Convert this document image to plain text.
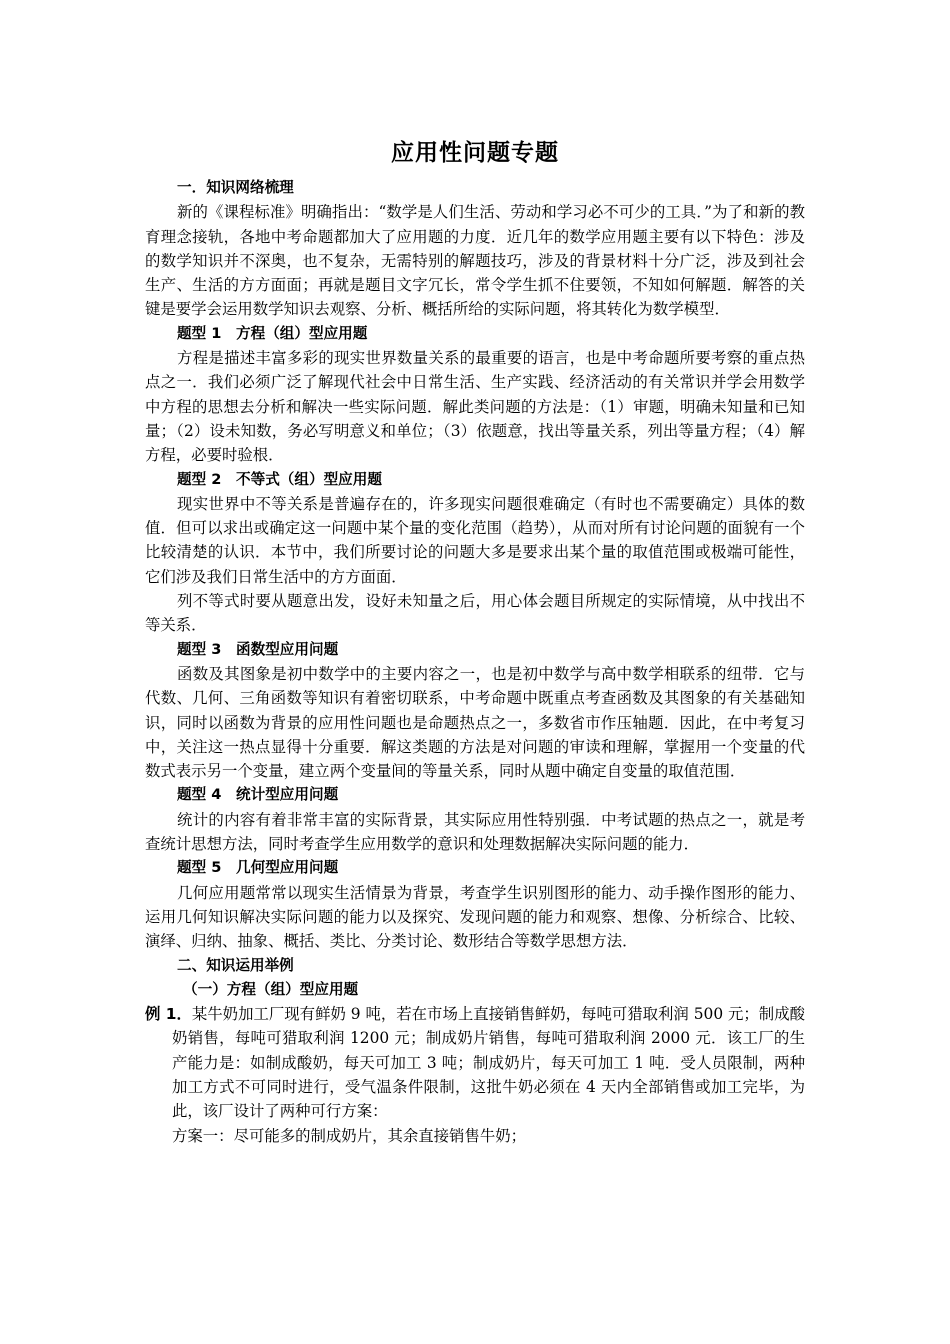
应用性问题专题

一．知识网络梳理

新的《课程标准》明确指出：“数学是人们生活、劳动和学习必不可少的工具．”为了和新的教育理念接轨，各地中考命题都加大了应用题的力度．近几年的数学应用题主要有以下特色：涉及的数学知识并不深奥，也不复杂，无需特别的解题技巧，涉及的背景材料十分广泛，涉及到社会生产、生活的方方面面；再就是题目文字冗长，常令学生抓不住要领，不知如何解题．解答的关键是要学会运用数学知识去观察、分析、概括所给的实际问题，将其转化为数学模型．

题型 1　方程（组）型应用题

方程是描述丰富多彩的现实世界数量关系的最重要的语言，也是中考命题所要考察的重点热点之一．我们必须广泛了解现代社会中日常生活、生产实践、经济活动的有关常识并学会用数学中方程的思想去分析和解决一些实际问题．解此类问题的方法是：（1）审题，明确未知量和已知量；（2）设未知数，务必写明意义和单位；（3）依题意，找出等量关系，列出等量方程；（4）解方程，必要时验根．

题型 2　不等式（组）型应用题

现实世界中不等关系是普遍存在的，许多现实问题很难确定（有时也不需要确定）具体的数值．但可以求出或确定这一问题中某个量的变化范围（趋势），从而对所有讨论问题的面貌有一个比较清楚的认识．本节中，我们所要讨论的问题大多是要求出某个量的取值范围或极端可能性，它们涉及我们日常生活中的方方面面．

列不等式时要从题意出发，设好未知量之后，用心体会题目所规定的实际情境，从中找出不等关系．

题型 3　函数型应用问题

函数及其图象是初中数学中的主要内容之一，也是初中数学与高中数学相联系的纽带．它与代数、几何、三角函数等知识有着密切联系，中考命题中既重点考查函数及其图象的有关基础知识，同时以函数为背景的应用性问题也是命题热点之一，多数省市作压轴题．因此，在中考复习中，关注这一热点显得十分重要．解这类题的方法是对问题的审读和理解，掌握用一个变量的代数式表示另一个变量，建立两个变量间的等量关系，同时从题中确定自变量的取值范围．

题型 4　统计型应用问题

统计的内容有着非常丰富的实际背景，其实际应用性特别强．中考试题的热点之一，就是考查统计思想方法，同时考查学生应用数学的意识和处理数据解决实际问题的能力．

题型 5　几何型应用问题

几何应用题常常以现实生活情景为背景，考查学生识别图形的能力、动手操作图形的能力、运用几何知识解决实际问题的能力以及探究、发现问题的能力和观察、想像、分析综合、比较、演绎、归纳、抽象、概括、类比、分类讨论、数形结合等数学思想方法．

二、知识运用举例

（一）方程（组）型应用题

例 1．某牛奶加工厂现有鲜奶 9 吨，若在市场上直接销售鲜奶，每吨可猎取利润 500 元；制成酸奶销售，每吨可猎取利润 1200 元；制成奶片销售，每吨可猎取利润 2000 元．该工厂的生产能力是：如制成酸奶，每天可加工 3 吨；制成奶片，每天可加工 1 吨．受人员限制，两种加工方式不可同时进行，受气温条件限制，这批牛奶必须在 4 天内全部销售或加工完毕，为此，该厂设计了两种可行方案：

方案一：尽可能多的制成奶片，其余直接销售牛奶；
